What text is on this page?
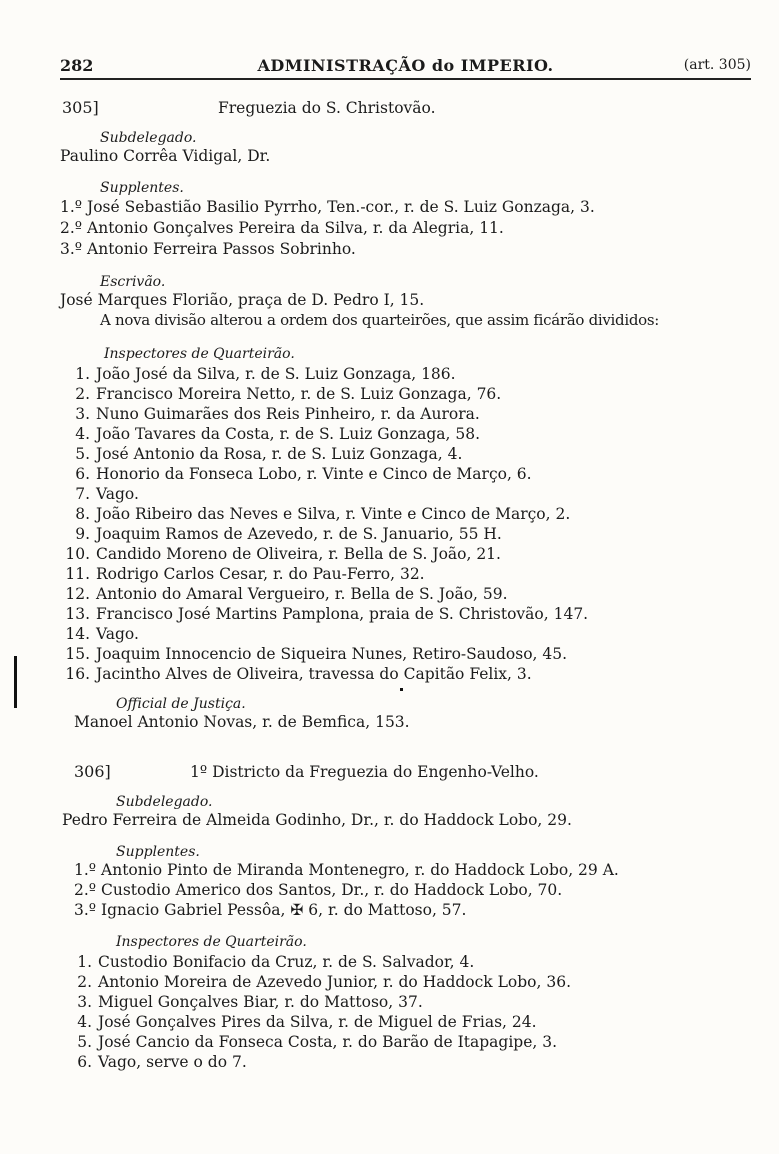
282	ADMINISTRAÇÃO do IMPERIO.	(art. 305)
305]	Freguezia do S. Christovão.
Subdelegado.
Paulino Corrêa Vidigal, Dr.
Supplentes.
1.º José Sebastião Basilio Pyrrho, Ten.-cor., r. de S. Luiz Gonzaga, 3.
2.º Antonio Gonçalves Pereira da Silva, r. da Alegria, 11.
3.º Antonio Ferreira Passos Sobrinho.
Escrivão.
José Marques Florião, praça de D. Pedro I, 15.
A nova divisão alterou a ordem dos quarteirões, que assim ficárão divididos:
Inspectores de Quarteirão.
1. João José da Silva, r. de S. Luiz Gonzaga, 186.
2. Francisco Moreira Netto, r. de S. Luiz Gonzaga, 76.
3. Nuno Guimarães dos Reis Pinheiro, r. da Aurora.
4. João Tavares da Costa, r. de S. Luiz Gonzaga, 58.
5. José Antonio da Rosa, r. de S. Luiz Gonzaga, 4.
6. Honorio da Fonseca Lobo, r. Vinte e Cinco de Março, 6.
7. Vago.
8. João Ribeiro das Neves e Silva, r. Vinte e Cinco de Março, 2.
9. Joaquim Ramos de Azevedo, r. de S. Januario, 55 H.
10. Candido Moreno de Oliveira, r. Bella de S. João, 21.
11. Rodrigo Carlos Cesar, r. do Pau-Ferro, 32.
12. Antonio do Amaral Vergueiro, r. Bella de S. João, 59.
13. Francisco José Martins Pamplona, praia de S. Christovão, 147.
14. Vago.
15. Joaquim Innocencio de Siqueira Nunes, Retiro-Saudoso, 45.
16. Jacintho Alves de Oliveira, travessa do Capitão Felix, 3.
Official de Justiça.
Manoel Antonio Novas, r. de Bemfica, 153.
306]	1º Districto da Freguezia do Engenho-Velho.
Subdelegado.
Pedro Ferreira de Almeida Godinho, Dr., r. do Haddock Lobo, 29.
Supplentes.
1.º Antonio Pinto de Miranda Montenegro, r. do Haddock Lobo, 29 A.
2.º Custodio Americo dos Santos, Dr., r. do Haddock Lobo, 70.
3.º Ignacio Gabriel Pessôa, ✠ 6, r. do Mattoso, 57.
Inspectores de Quarteirão.
1. Custodio Bonifacio da Cruz, r. de S. Salvador, 4.
2. Antonio Moreira de Azevedo Junior, r. do Haddock Lobo, 36.
3. Miguel Gonçalves Biar, r. do Mattoso, 37.
4. José Gonçalves Pires da Silva, r. de Miguel de Frias, 24.
5. José Cancio da Fonseca Costa, r. do Barão de Itapagipe, 3.
6. Vago, serve o do 7.
